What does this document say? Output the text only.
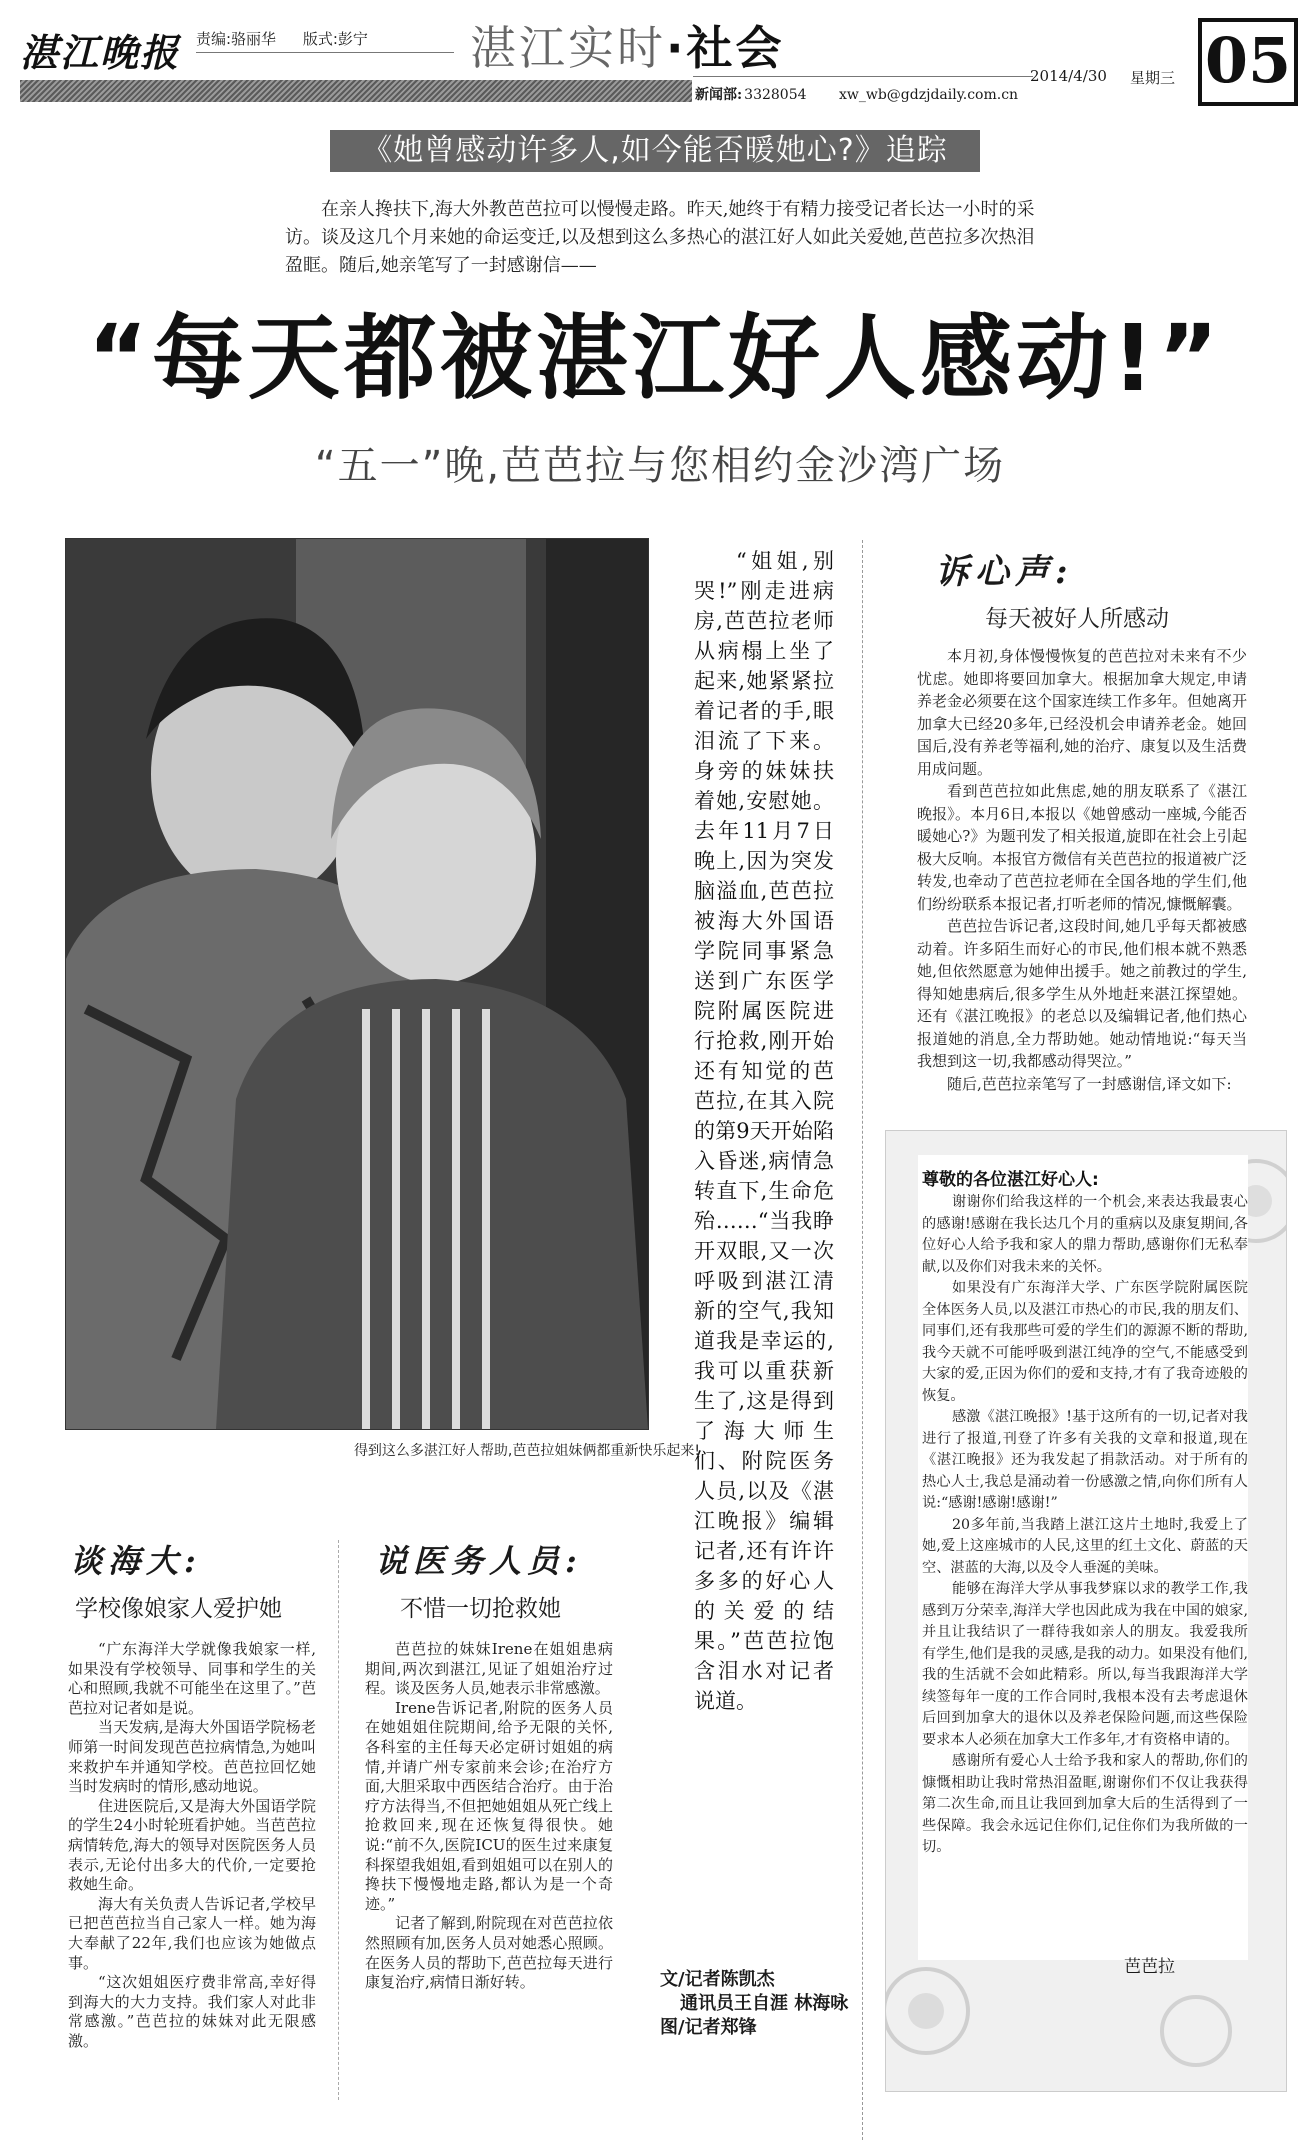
湛江晚报 责编:骆丽华 版式:彭宁	湛江实时·社会
2014/4/30 星期三 05
新闻部: 3328054 xw_wb@gdzjdaily.com.cn
《她曾感动许多人,如今能否暖她心?》追踪
在亲人搀扶下,海大外教芭芭拉可以慢慢走路。昨天,她终于有精力接受记者长达一小时的采访。谈及这几个月来她的命运变迁,以及想到这么多热心的湛江好人如此关爱她,芭芭拉多次热泪盈眶。随后,她亲笔写了一封感谢信——
“每天都被湛江好人感动!”
“五一”晚,芭芭拉与您相约金沙湾广场
得到这么多湛江好人帮助,芭芭拉姐妹俩都重新快乐起来!
“姐姐,别哭!”刚走进病房,芭芭拉老师从病榻上坐了起来,她紧紧拉着记者的手,眼泪流了下来。身旁的妹妹扶着她,安慰她。去年11月7日晚上,因为突发脑溢血,芭芭拉被海大外国语学院同事紧急送到广东医学院附属医院进行抢救,刚开始还有知觉的芭芭拉,在其入院的第9天开始陷入昏迷,病情急转直下,生命危殆……“当我睁开双眼,又一次呼吸到湛江清新的空气,我知道我是幸运的,我可以重获新生了,这是得到了海大师生们、附院医务人员,以及《湛江晚报》编辑记者,还有许许多多的好心人的关爱的结果。”芭芭拉饱含泪水对记者说道。
诉心声:
每天被好人所感动

本月初,身体慢慢恢复的芭芭拉对未来有不少忧虑。她即将要回加拿大。根据加拿大规定,申请养老金必须要在这个国家连续工作多年。但她离开加拿大已经20多年,已经没机会申请养老金。她回国后,没有养老等福利,她的治疗、康复以及生活费用成问题。

看到芭芭拉如此焦虑,她的朋友联系了《湛江晚报》。本月6日,本报以《她曾感动一座城,今能否暖她心?》为题刊发了相关报道,旋即在社会上引起极大反响。本报官方微信有关芭芭拉的报道被广泛转发,也牵动了芭芭拉老师在全国各地的学生们,他们纷纷联系本报记者,打听老师的情况,慷慨解囊。

芭芭拉告诉记者,这段时间,她几乎每天都被感动着。许多陌生而好心的市民,他们根本就不熟悉她,但依然愿意为她伸出援手。她之前教过的学生,得知她患病后,很多学生从外地赶来湛江探望她。还有《湛江晚报》的老总以及编辑记者,他们热心报道她的消息,全力帮助她。她动情地说:“每天当我想到这一切,我都感动得哭泣。”

随后,芭芭拉亲笔写了一封感谢信,译文如下:

尊敬的各位湛江好心人:

谢谢你们给我这样的一个机会,来表达我最衷心的感谢!感谢在我长达几个月的重病以及康复期间,各位好心人给予我和家人的鼎力帮助,感谢你们无私奉献,以及你们对我未来的关怀。

如果没有广东海洋大学、广东医学院附属医院全体医务人员,以及湛江市热心的市民,我的朋友们、同事们,还有我那些可爱的学生们的源源不断的帮助,我今天就不可能呼吸到湛江纯净的空气,不能感受到大家的爱,正因为你们的爱和支持,才有了我奇迹般的恢复。

感激《湛江晚报》!基于这所有的一切,记者对我进行了报道,刊登了许多有关我的文章和报道,现在《湛江晚报》还为我发起了捐款活动。对于所有的热心人士,我总是涌动着一份感激之情,向你们所有人说:“感谢!感谢!感谢!”

20多年前,当我踏上湛江这片土地时,我爱上了她,爱上这座城市的人民,这里的红土文化、蔚蓝的天空、湛蓝的大海,以及令人垂涎的美味。

能够在海洋大学从事我梦寐以求的教学工作,我感到万分荣幸,海洋大学也因此成为我在中国的娘家,并且让我结识了一群待我如亲人的朋友。我爱我所有学生,他们是我的灵感,是我的动力。如果没有他们,我的生活就不会如此精彩。所以,每当我跟海洋大学续签每年一度的工作合同时,我根本没有去考虑退休后回到加拿大的退休以及养老保险问题,而这些保险要求本人必须在加拿大工作多年,才有资格申请的。

感谢所有爱心人士给予我和家人的帮助,你们的慷慨相助让我时常热泪盈眶,谢谢你们不仅让我获得第二次生命,而且让我回到加拿大后的生活得到了一些保障。我会永远记住你们,记住你们为我所做的一切。

芭芭拉
谈海大:
学校像娘家人爱护她

“广东海洋大学就像我娘家一样,如果没有学校领导、同事和学生的关心和照顾,我就不可能坐在这里了。”芭芭拉对记者如是说。

当天发病,是海大外国语学院杨老师第一时间发现芭芭拉病情急,为她叫来救护车并通知学校。芭芭拉回忆她当时发病时的情形,感动地说。

住进医院后,又是海大外国语学院的学生24小时轮班看护她。当芭芭拉病情转危,海大的领导对医院医务人员表示,无论付出多大的代价,一定要抢救她生命。

海大有关负责人告诉记者,学校早已把芭芭拉当自己家人一样。她为海大奉献了22年,我们也应该为她做点事。

“这次姐姐医疗费非常高,幸好得到海大的大力支持。我们家人对此非常感激。”芭芭拉的妹妹对此无限感激。

说医务人员:
不惜一切抢救她

芭芭拉的妹妹Irene在姐姐患病期间,两次到湛江,见证了姐姐治疗过程。谈及医务人员,她表示非常感激。

Irene告诉记者,附院的医务人员在她姐姐住院期间,给予无限的关怀,各科室的主任每天必定研讨姐姐的病情,并请广州专家前来会诊;在治疗方面,大胆采取中西医结合治疗。由于治疗方法得当,不但把她姐姐从死亡线上抢救回来,现在还恢复得很快。她说:“前不久,医院ICU的医生过来康复科探望我姐姐,看到姐姐可以在别人的搀扶下慢慢地走路,都认为是一个奇迹。”

记者了解到,附院现在对芭芭拉依然照顾有加,医务人员对她悉心照顾。在医务人员的帮助下,芭芭拉每天进行康复治疗,病情日渐好转。	文/记者陈凯杰
通讯员王自涯 林海咏
图/记者郑锋
